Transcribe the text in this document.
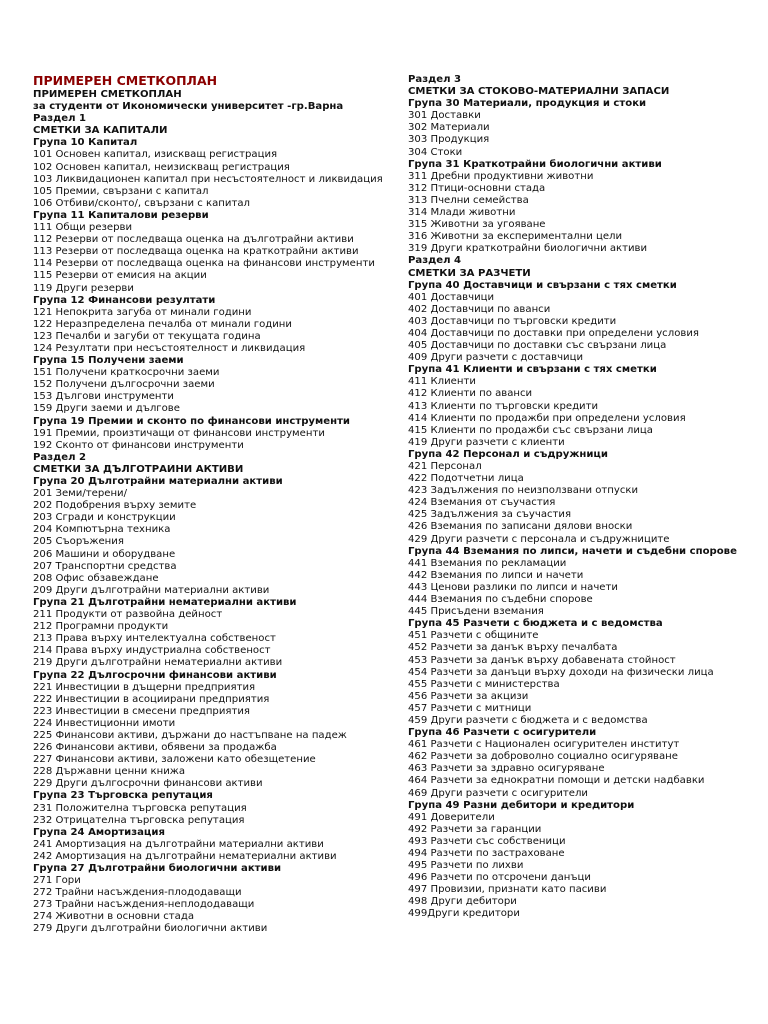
ПРИМЕРЕН СМЕТКОПЛАН
ПРИМЕРЕН СМЕТКОПЛАН
за студенти от Икономически университет -гр.Варна
Раздел 1
СМЕТКИ ЗА КАПИТАЛИ
Група 10 Капитал
101 Основен капитал, изискващ регистрация
102 Основен капитал, неизискващ регистрация
103 Ликвидационен капитал при несъстоятелност и ликвидация
105 Премии, свързани с капитал
106 Отбиви/сконто/, свързани с капитал
Група 11 Капиталови резерви
111 Общи резерви
112 Резерви от последваща оценка на дълготрайни активи
113 Резерви от последваща оценка на краткотрайни активи
114 Резерви от последваща оценка на финансови инструменти
115 Резерви от емисия на акции
119 Други резерви
Група 12 Финансови резултати
121 Непокрита загуба от минали години
122 Неразпределена печалба от минали години
123 Печалби и загуби от текущата година
124 Резултати при несъстоятелност и ликвидация
Група 15 Получени заеми
151 Получени краткосрочни заеми
152 Получени дългосрочни заеми
153 Дългови инструменти
159 Други заеми и дългове
Група 19 Премии и сконто по финансови инструменти
191 Премии, произтичащи от финансови инструменти
192 Сконто от финансови инструменти
Раздел 2
СМЕТКИ ЗА ДЪЛГОТРАЙНИ АКТИВИ
Група 20 Дълготрайни материални активи
201 Земи/терени/
202 Подобрения върху земите
203 Сгради и конструкции
204 Компютърна техника
205 Съоръжения
206 Машини и оборудване
207 Транспортни средства
208 Офис обзавеждане
209 Други дълготрайни материални активи
Група 21 Дълготрайни нематериални активи
211 Продукти от развойна дейност
212 Програмни продукти
213 Права върху интелектуална собственост
214 Права върху индустриална собственост
219 Други дълготрайни нематериални активи
Група 22 Дългосрочни финансови активи
221 Инвестиции в дъщерни предприятия
222 Инвестиции в асоциирани предприятия
223 Инвестиции в смесени предприятия
224 Инвестиционни имоти
225 Финансови активи, държани до настъпване на падеж
226 Финансови активи, обявени за продажба
227 Финансови активи, заложени като обезщетение
228 Държавни ценни книжа
229 Други дългосрочни финансови активи
Група 23 Търговска репутация
231 Положителна търговска репутация
232 Отрицателна търговска репутация
Група 24 Амортизация
241 Амортизация на дълготрайни материални активи
242 Амортизация на дълготрайни нематериални активи
Група 27 Дълготрайни биологични активи
271 Гори
272 Трайни насъждения-плододаващи
273 Трайни насъждения-неплододаващи
274 Животни в основни стада
279 Други дълготрайни биологични активи
Раздел 3
СМЕТКИ ЗА СТОКОВО-МАТЕРИАЛНИ ЗАПАСИ
Група 30 Материали, продукция и стоки
301 Доставки
302 Материали
303 Продукция
304 Стоки
Група 31 Краткотрайни биологични активи
311 Дребни продуктивни животни
312 Птици-основни стада
313 Пчелни семейства
314 Млади животни
315 Животни за угояване
316 Животни за експериментални цели
319 Други краткотрайни биологични активи
Раздел 4
СМЕТКИ ЗА РАЗЧЕТИ
Група 40 Доставчици и свързани с тях сметки
401 Доставчици
402 Доставчици по аванси
403 Доставчици по търговски кредити
404 Доставчици по доставки при определени условия
405 Доставчици по доставки със свързани лица
409 Други разчети с доставчици
Група 41 Клиенти и свързани с тях сметки
411 Клиенти
412 Клиенти по аванси
413 Клиенти по търговски кредити
414 Клиенти по продажби при определени условия
415 Клиенти по продажби със свързани лица
419 Други разчети с клиенти
Група 42 Персонал и съдружници
421 Персонал
422 Подотчетни лица
423 Задължения по неизползвани отпуски
424 Вземания от съучастия
425 Задължения за съучастия
426 Вземания по записани дялови вноски
429 Други разчети с персонала и съдружниците
Група 44 Вземания по липси, начети и съдебни спорове
441 Вземания по рекламации
442 Вземания по липси и начети
443 Ценови разлики по липси и начети
444 Вземания по съдебни спорове
445 Присъдени вземания
Група 45 Разчети с бюджета и с ведомства
451 Разчети с общините
452 Разчети за данък върху печалбата
453 Разчети за данък върху добавената стойност
454 Разчети за данъци върху доходи на физически лица
455 Разчети с министерства
456 Разчети за акцизи
457 Разчети с митници
459 Други разчети с бюджета и с ведомства
Група 46 Разчети с осигурители
461 Разчети с Национален осигурителен институт
462 Разчети за доброволно социално осигуряване
463 Разчети за здравно осигуряване
464 Разчети за еднократни помощи и детски надбавки
469 Други разчети с осигурители
Група 49 Разни дебитори и кредитори
491 Доверители
492 Разчети за гаранции
493 Разчети със собственици
494 Разчети по застраховане
495 Разчети по лихви
496 Разчети по отсрочени данъци
497 Провизии, признати като пасиви
498 Други дебитори
499Други кредитори
